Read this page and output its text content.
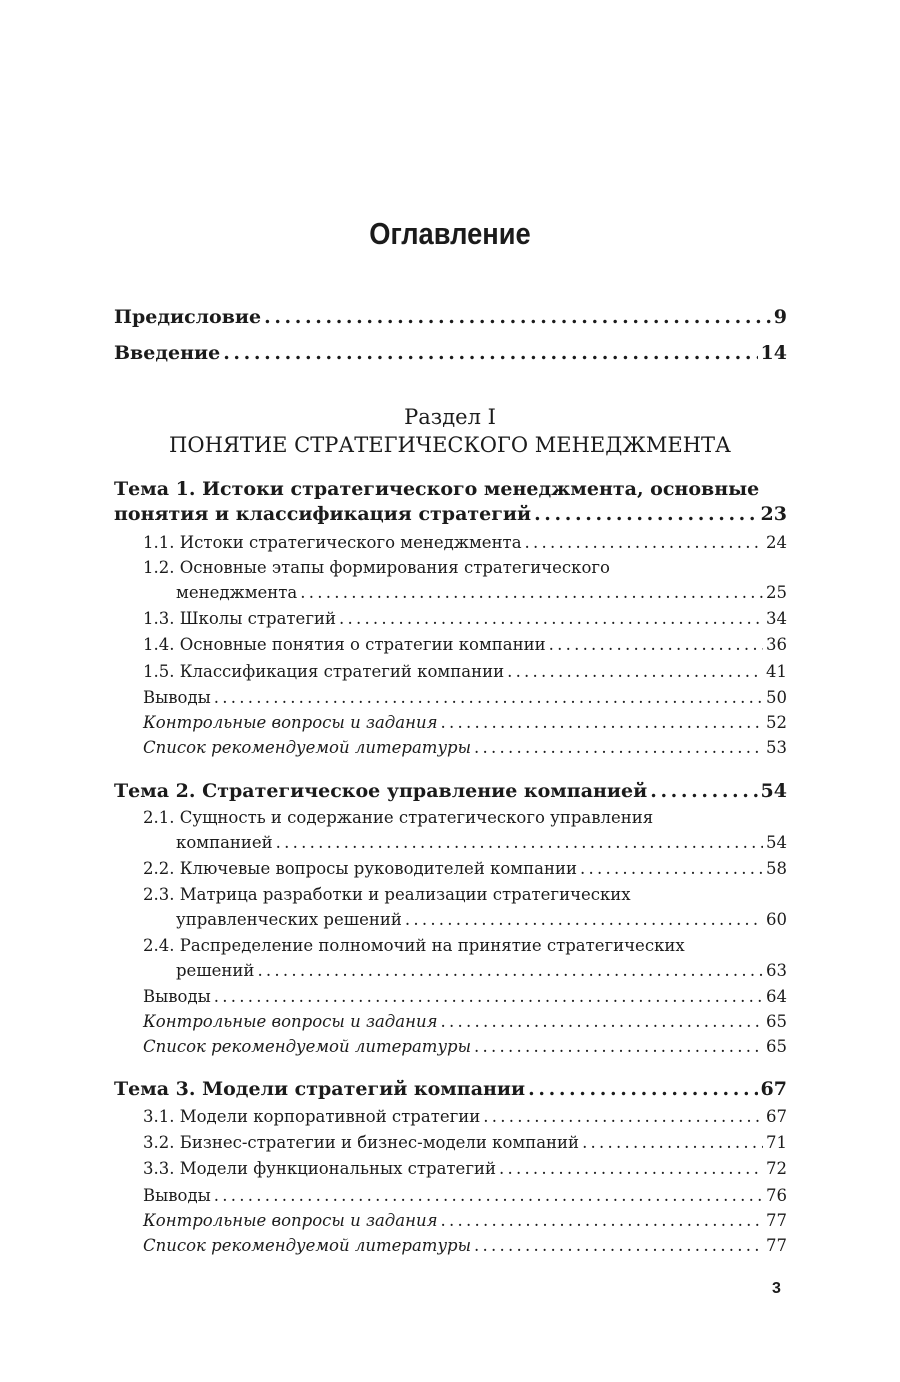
Оглавление
Предисловие . . .	9
Введение . . .	14
Раздел I
ПОНЯТИЕ СТРАТЕГИЧЕСКОГО МЕНЕДЖМЕНТА
Тема 1. Истоки стратегического менеджмента, основные
понятия и классификация стратегий . . .	23
1.1. Истоки стратегического менеджмента . . .	24
1.2. Основные этапы формирования стратегического
менеджмента . . .	25
1.3. Школы стратегий . . .	34
1.4. Основные понятия о стратегии компании . . .	36
1.5. Классификация стратегий компании . . .	41
Выводы . . .	50
Контрольные вопросы и задания . . .	52
Список рекомендуемой литературы . . .	53
Тема 2. Стратегическое управление компанией . . .	54
2.1. Сущность и содержание стратегического управления
компанией . . .	54
2.2. Ключевые вопросы руководителей компании . . .	58
2.3. Матрица разработки и реализации стратегических
управленческих решений . . .	60
2.4. Распределение полномочий на принятие стратегических
решений . . .	63
Выводы . . .	64
Контрольные вопросы и задания . . .	65
Список рекомендуемой литературы . . .	65
Тема 3. Модели стратегий компании . . .	67
3.1. Модели корпоративной стратегии . . .	67
3.2. Бизнес-стратегии и бизнес-модели компаний . . .	71
3.3. Модели функциональных стратегий . . .	72
Выводы . . .	76
Контрольные вопросы и задания . . .	77
Список рекомендуемой литературы . . .	77
3
